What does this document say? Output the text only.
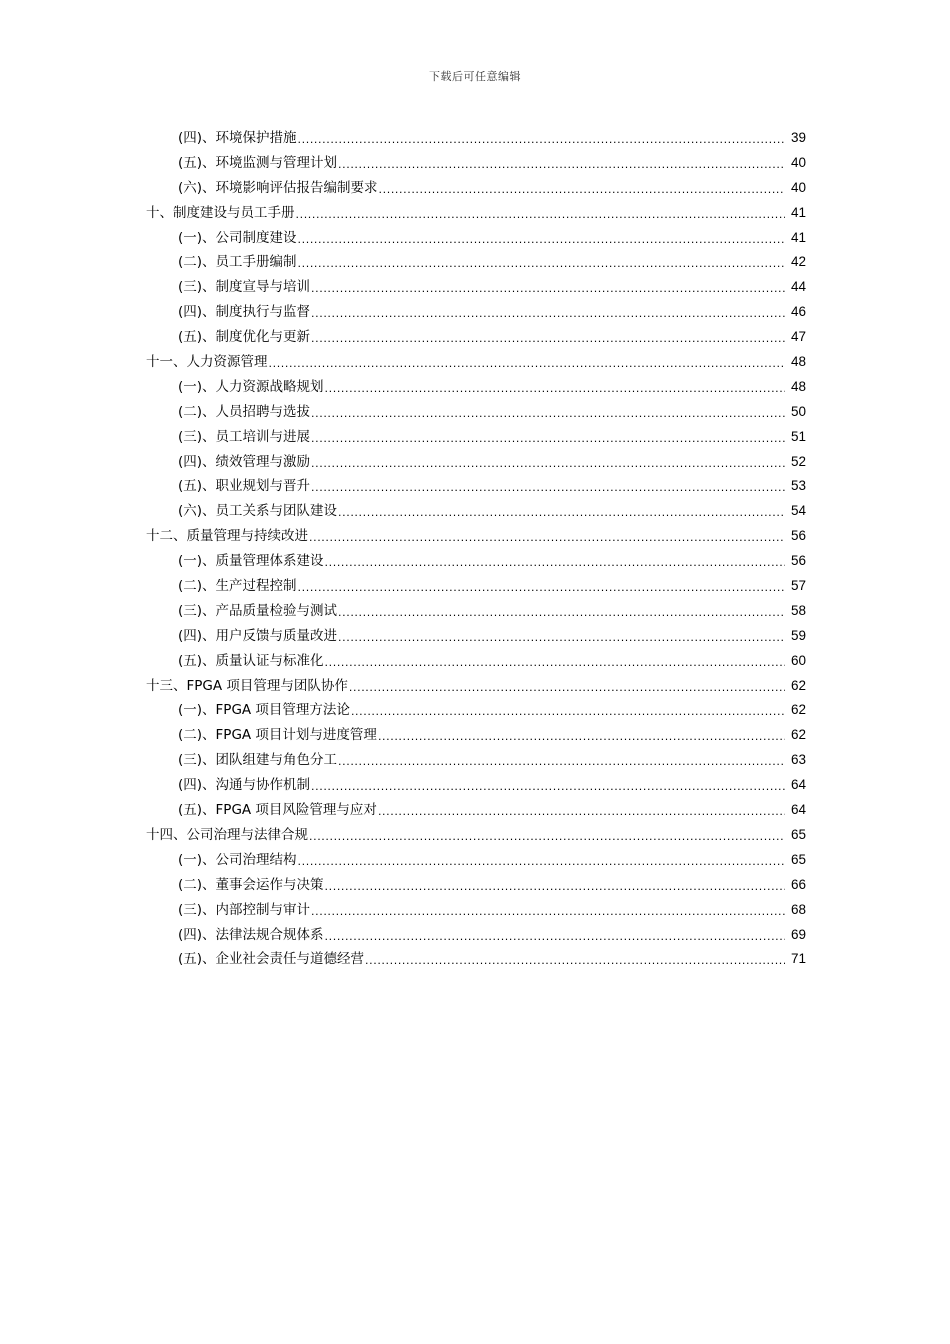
下载后可任意编辑
(四)、环境保护措施 .....	39
(五)、环境监测与管理计划 .....	40
(六)、环境影响评估报告编制要求 .....	40
十、制度建设与员工手册 .....	41
(一)、公司制度建设 .....	41
(二)、员工手册编制 .....	42
(三)、制度宣导与培训 .....	44
(四)、制度执行与监督 .....	46
(五)、制度优化与更新 .....	47
十一、人力资源管理 .....	48
(一)、人力资源战略规划 .....	48
(二)、人员招聘与选拔 .....	50
(三)、员工培训与进展 .....	51
(四)、绩效管理与激励 .....	52
(五)、职业规划与晋升 .....	53
(六)、员工关系与团队建设 .....	54
十二、质量管理与持续改进 .....	56
(一)、质量管理体系建设 .....	56
(二)、生产过程控制 .....	57
(三)、产品质量检验与测试 .....	58
(四)、用户反馈与质量改进 .....	59
(五)、质量认证与标准化 .....	60
十三、FPGA 项目管理与团队协作 .....	62
(一)、FPGA 项目管理方法论 .....	62
(二)、FPGA 项目计划与进度管理 .....	62
(三)、团队组建与角色分工 .....	63
(四)、沟通与协作机制 .....	64
(五)、FPGA 项目风险管理与应对 .....	64
十四、公司治理与法律合规 .....	65
(一)、公司治理结构 .....	65
(二)、董事会运作与决策 .....	66
(三)、内部控制与审计 .....	68
(四)、法律法规合规体系 .....	69
(五)、企业社会责任与道德经营 .....	71
